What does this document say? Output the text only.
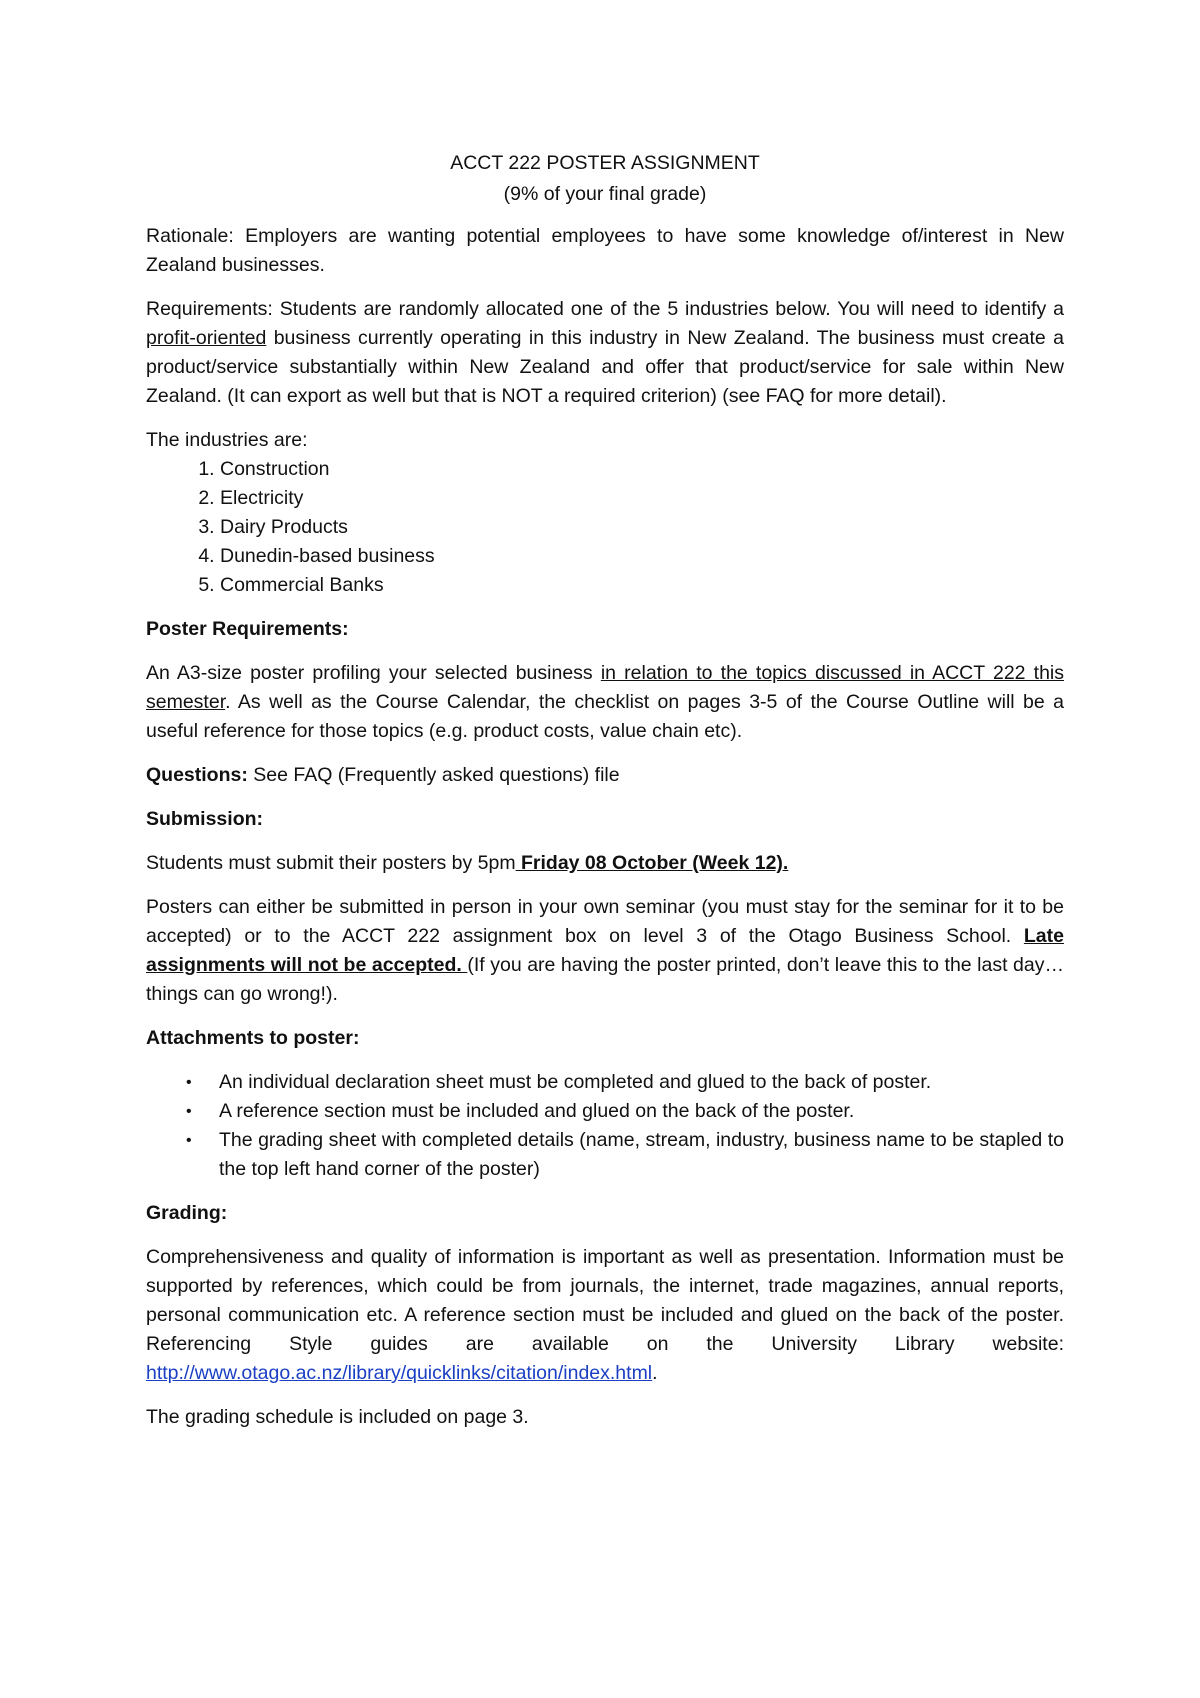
ACCT 222 POSTER ASSIGNMENT
(9% of your final grade)

Rationale: Employers are wanting potential employees to have some knowledge of/interest in New Zealand businesses.

Requirements: Students are randomly allocated one of the 5 industries below. You will need to identify a profit-oriented business currently operating in this industry in New Zealand. The business must create a product/service substantially within New Zealand and offer that product/service for sale within New Zealand. (It can export as well but that is NOT a required criterion) (see FAQ for more detail).

The industries are:
1. Construction
2. Electricity
3. Dairy Products
4. Dunedin-based business
5. Commercial Banks
Poster Requirements:

An A3-size poster profiling your selected business in relation to the topics discussed in ACCT 222 this semester. As well as the Course Calendar, the checklist on pages 3-5 of the Course Outline will be a useful reference for those topics (e.g. product costs, value chain etc).

Questions: See FAQ (Frequently asked questions) file

Submission:

Students must submit their posters by 5pm Friday 08 October (Week 12).

Posters can either be submitted in person in your own seminar (you must stay for the seminar for it to be accepted) or to the ACCT 222 assignment box on level 3 of the Otago Business School. Late assignments will not be accepted. (If you are having the poster printed, don’t leave this to the last day…things can go wrong!).

Attachments to poster:
• An individual declaration sheet must be completed and glued to the back of poster.
• A reference section must be included and glued on the back of the poster.
• The grading sheet with completed details (name, stream, industry, business name to be stapled to the top left hand corner of the poster)
Grading:

Comprehensiveness and quality of information is important as well as presentation. Information must be supported by references, which could be from journals, the internet, trade magazines, annual reports, personal communication etc. A reference section must be included and glued on the back of the poster. Referencing Style guides are available on the University Library website: http://www.otago.ac.nz/library/quicklinks/citation/index.html.

The grading schedule is included on page 3.
